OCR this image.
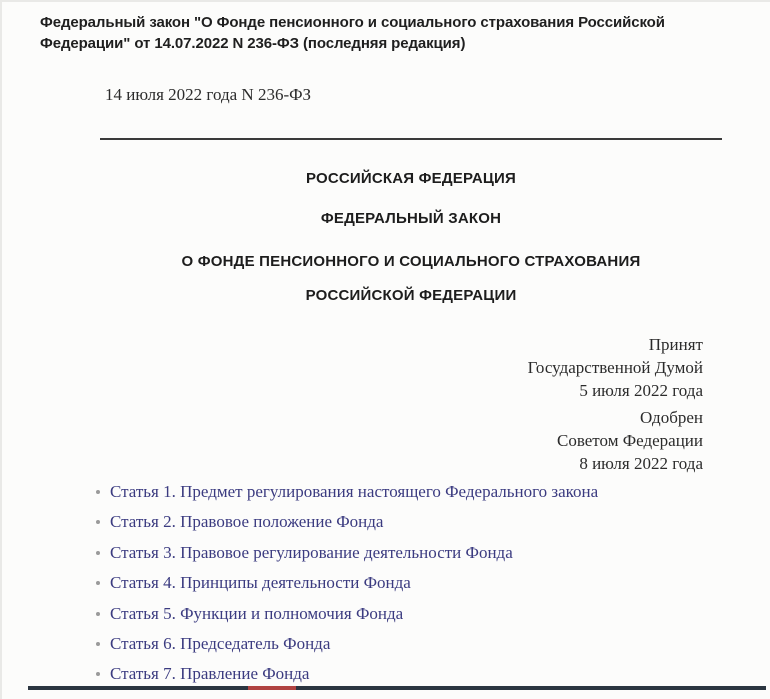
Федеральный закон "О Фонде пенсионного и социального страхования Российской Федерации" от 14.07.2022 N 236-ФЗ (последняя редакция)
14 июля 2022 года N 236-ФЗ
РОССИЙСКАЯ ФЕДЕРАЦИЯ
ФЕДЕРАЛЬНЫЙ ЗАКОН
О ФОНДЕ ПЕНСИОННОГО И СОЦИАЛЬНОГО СТРАХОВАНИЯ
РОССИЙСКОЙ ФЕДЕРАЦИИ
Принят
Государственной Думой
5 июля 2022 года
Одобрен
Советом Федерации
8 июля 2022 года
Статья 1. Предмет регулирования настоящего Федерального закона
Статья 2. Правовое положение Фонда
Статья 3. Правовое регулирование деятельности Фонда
Статья 4. Принципы деятельности Фонда
Статья 5. Функции и полномочия Фонда
Статья 6. Председатель Фонда
Статья 7. Правление Фонда
